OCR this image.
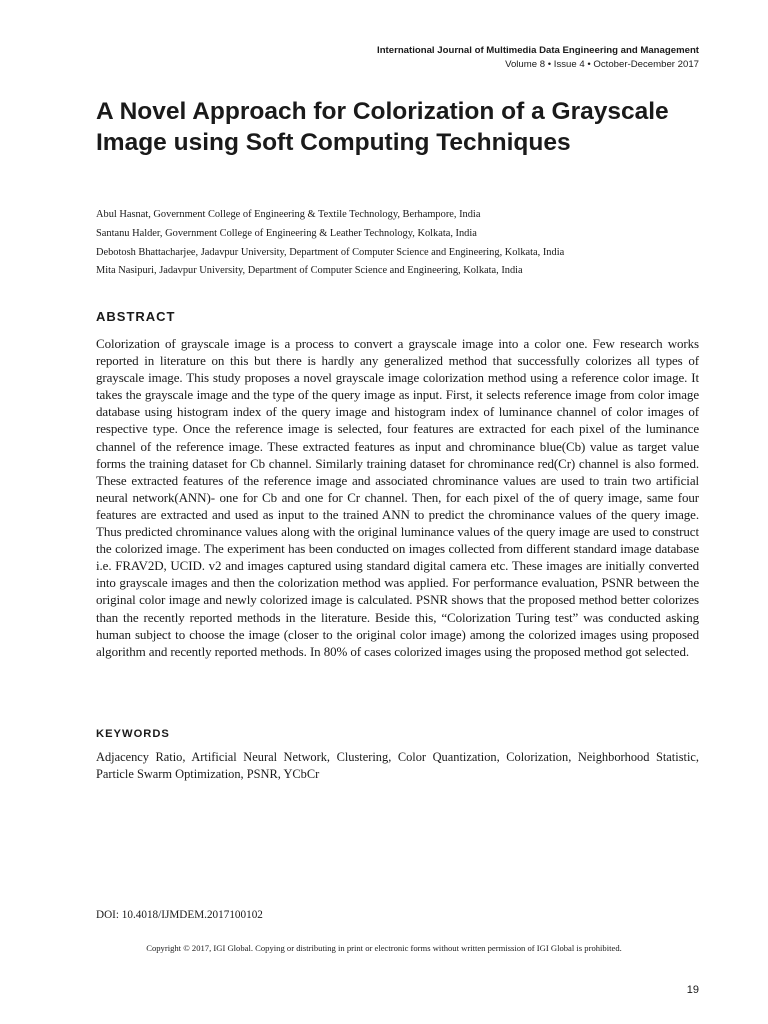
International Journal of Multimedia Data Engineering and Management
Volume 8 • Issue 4 • October-December 2017
A Novel Approach for Colorization of a Grayscale Image using Soft Computing Techniques
Abul Hasnat, Government College of Engineering & Textile Technology, Berhampore, India
Santanu Halder, Government College of Engineering & Leather Technology, Kolkata, India
Debotosh Bhattacharjee, Jadavpur University, Department of Computer Science and Engineering, Kolkata, India
Mita Nasipuri, Jadavpur University, Department of Computer Science and Engineering, Kolkata, India
ABSTRACT

Colorization of grayscale image is a process to convert a grayscale image into a color one. Few research works reported in literature on this but there is hardly any generalized method that successfully colorizes all types of grayscale image. This study proposes a novel grayscale image colorization method using a reference color image. It takes the grayscale image and the type of the query image as input. First, it selects reference image from color image database using histogram index of the query image and histogram index of luminance channel of color images of respective type. Once the reference image is selected, four features are extracted for each pixel of the luminance channel of the reference image. These extracted features as input and chrominance blue(Cb) value as target value forms the training dataset for Cb channel. Similarly training dataset for chrominance red(Cr) channel is also formed. These extracted features of the reference image and associated chrominance values are used to train two artificial neural network(ANN)- one for Cb and one for Cr channel. Then, for each pixel of the of query image, same four features are extracted and used as input to the trained ANN to predict the chrominance values of the query image. Thus predicted chrominance values along with the original luminance values of the query image are used to construct the colorized image. The experiment has been conducted on images collected from different standard image database i.e. FRAV2D, UCID. v2 and images captured using standard digital camera etc. These images are initially converted into grayscale images and then the colorization method was applied. For performance evaluation, PSNR between the original color image and newly colorized image is calculated. PSNR shows that the proposed method better colorizes than the recently reported methods in the literature. Beside this, “Colorization Turing test” was conducted asking human subject to choose the image (closer to the original color image) among the colorized images using proposed algorithm and recently reported methods. In 80% of cases colorized images using the proposed method got selected.

KEYWORDS

Adjacency Ratio, Artificial Neural Network, Clustering, Color Quantization, Colorization, Neighborhood Statistic, Particle Swarm Optimization, PSNR, YCbCr

DOI: 10.4018/IJMDEM.2017100102
Copyright © 2017, IGI Global. Copying or distributing in print or electronic forms without written permission of IGI Global is prohibited.
19
